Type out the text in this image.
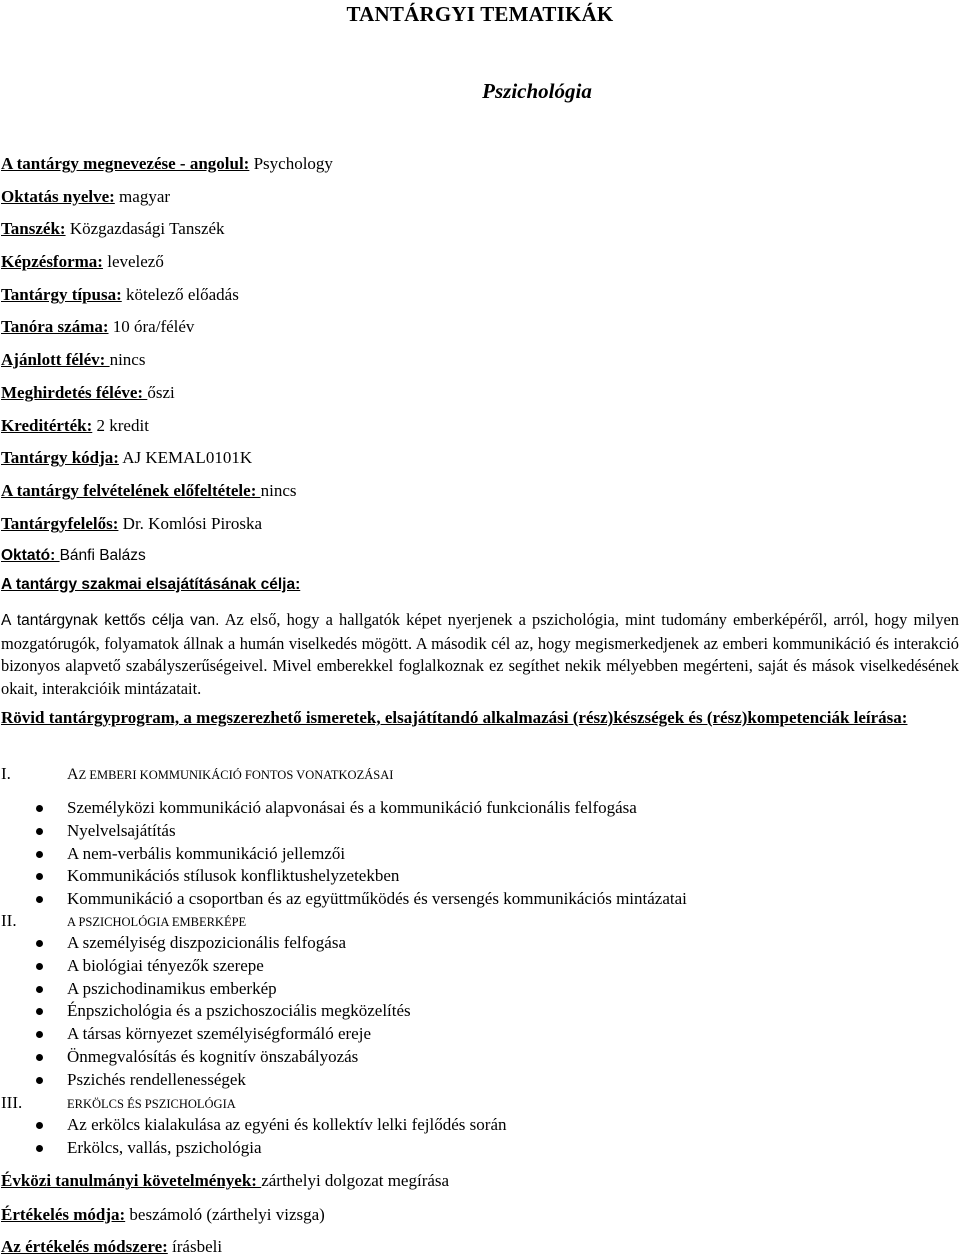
TANTÁRGYI TEMATIKÁK
Pszichológia
A tantárgy megnevezése - angolul: Psychology
Oktatás nyelve: magyar
Tanszék: Közgazdasági Tanszék
Képzésforma: levelező
Tantárgy típusa: kötelező előadás
Tanóra száma: 10 óra/félév
Ajánlott félév: nincs
Meghirdetés féléve: őszi
Kreditérték: 2 kredit
Tantárgy kódja: AJ KEMAL0101K
A tantárgy felvételének előfeltétele: nincs
Tantárgyfelelős: Dr. Komlósi Piroska
Oktató: Bánfi Balázs
A tantárgy szakmai elsajátításának célja:
A tantárgynak kettős célja van. Az első, hogy a hallgatók képet nyerjenek a pszichológia, mint tudomány emberképéről, arról, hogy milyen mozgatórugók, folyamatok állnak a humán viselkedés mögött. A második cél az, hogy megismerkedjenek az emberi kommunikáció és interakció bizonyos alapvető szabályszerűségeivel. Mivel emberekkel foglalkoznak ez segíthet nekik mélyebben megérteni, saját és mások viselkedésének okait, interakcióik mintázatait.
Rövid tantárgyprogram, a megszerezhető ismeretek, elsajátítandó alkalmazási (rész)készségek és (rész)kompetenciák leírása:
I.	AZ EMBERI KOMMUNIKÁCIÓ FONTOS VONATKOZÁSAI
Személyközi kommunikáció alapvonásai és a kommunikáció funkcionális felfogása
Nyelvelsajátítás
A nem-verbális kommunikáció jellemzői
Kommunikációs stílusok konfliktushelyzetekben
Kommunikáció a csoportban és az együttműködés és versengés kommunikációs mintázatai
II.	A PSZICHOLÓGIA EMBERKÉPE
A személyiség diszpozicionális felfogása
A biológiai tényezők szerepe
A pszichodinamikus emberkép
Énpszichológia és a pszichoszociális megközelítés
A társas környezet személyiségformáló ereje
Önmegvalósítás és kognitív önszabályozás
Pszichés rendellenességek
III.	ERKÖLCS ÉS PSZICHOLÓGIA
Az erkölcs kialakulása az egyéni és kollektív lelki fejlődés során
Erkölcs, vallás, pszichológia
Évközi tanulmányi követelmények: zárthelyi dolgozat megírása
Értékelés módja: beszámoló (zárthelyi vizsga)
Az értékelés módszere: írásbeli
